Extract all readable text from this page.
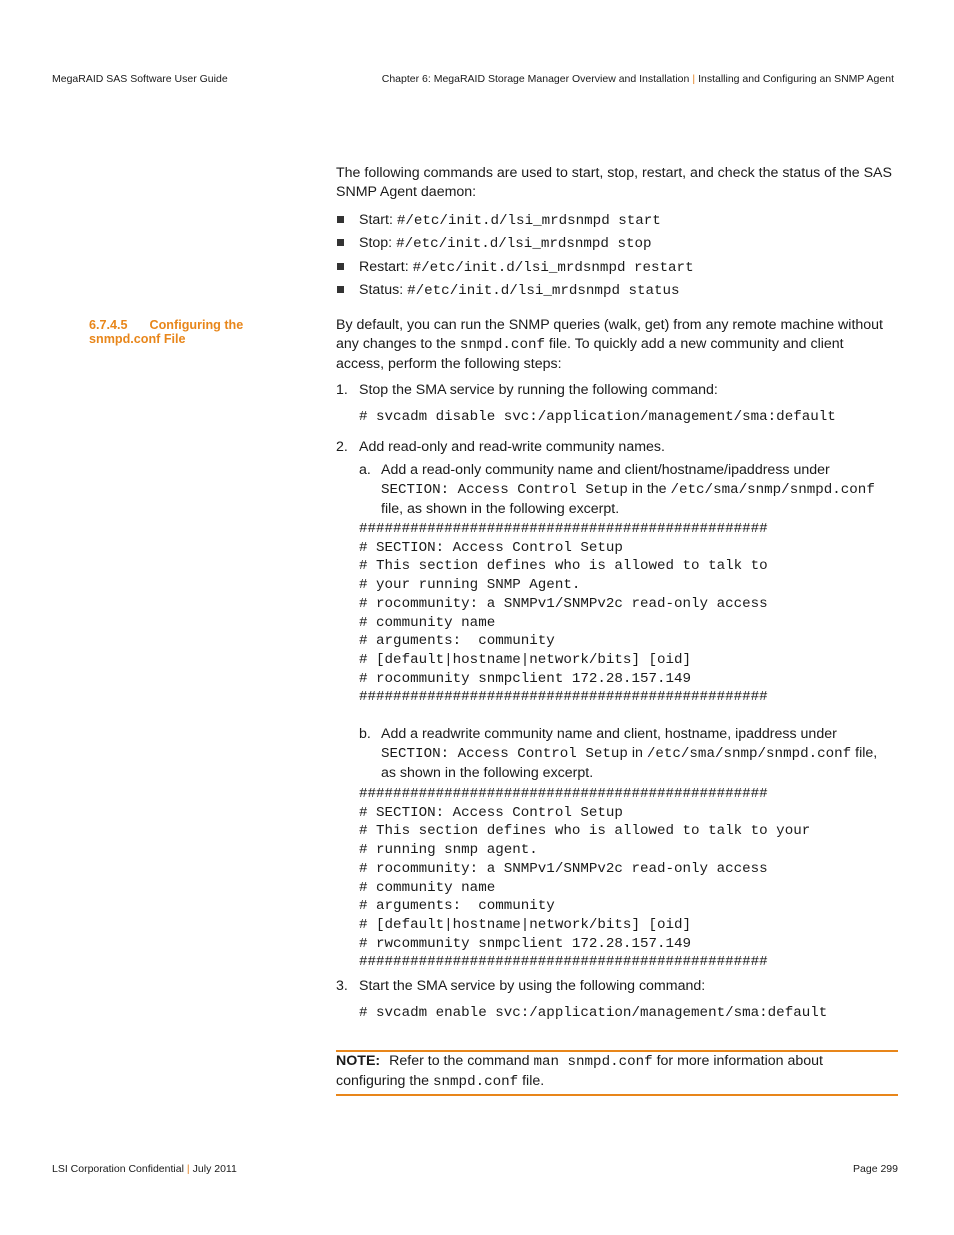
MegaRAID SAS Software User Guide	Chapter 6: MegaRAID Storage Manager Overview and Installation | Installing and Configuring an SNMP Agent
The following commands are used to start, stop, restart, and check the status of the SAS
SNMP Agent daemon:
Start: #/etc/init.d/lsi_mrdsnmpd start
Stop: #/etc/init.d/lsi_mrdsnmpd stop
Restart: #/etc/init.d/lsi_mrdsnmpd restart
Status: #/etc/init.d/lsi_mrdsnmpd status
6.7.4.5 Configuring the
snmpd.conf File
By default, you can run the SNMP queries (walk, get) from any remote machine without
any changes to the snmpd.conf file. To quickly add a new community and client
access, perform the following steps:
1. Stop the SMA service by running the following command:
# svcadm disable svc:/application/management/sma:default
2. Add read-only and read-write community names.
a. Add a read-only community name and client/hostname/ipaddress under
SECTION: Access Control Setup in the /etc/sma/snmp/snmpd.conf
file, as shown in the following excerpt.
################################################
# SECTION: Access Control Setup
# This section defines who is allowed to talk to
# your running SNMP Agent.
# rocommunity: a SNMPv1/SNMPv2c read-only access
# community name
# arguments:  community
# [default|hostname|network/bits] [oid]
# rocommunity snmpclient 172.28.157.149
################################################
b. Add a readwrite community name and client, hostname, ipaddress under
SECTION: Access Control Setup in /etc/sma/snmp/snmpd.conf file,
as shown in the following excerpt.
################################################
# SECTION: Access Control Setup
# This section defines who is allowed to talk to your
# running snmp agent.
# rocommunity: a SNMPv1/SNMPv2c read-only access
# community name
# arguments:  community
# [default|hostname|network/bits] [oid]
# rwcommunity snmpclient 172.28.157.149
################################################
3. Start the SMA service by using the following command:
# svcadm enable svc:/application/management/sma:default
NOTE: Refer to the command man snmpd.conf for more information about
configuring the snmpd.conf file.
LSI Corporation Confidential | July 2011	Page 299
